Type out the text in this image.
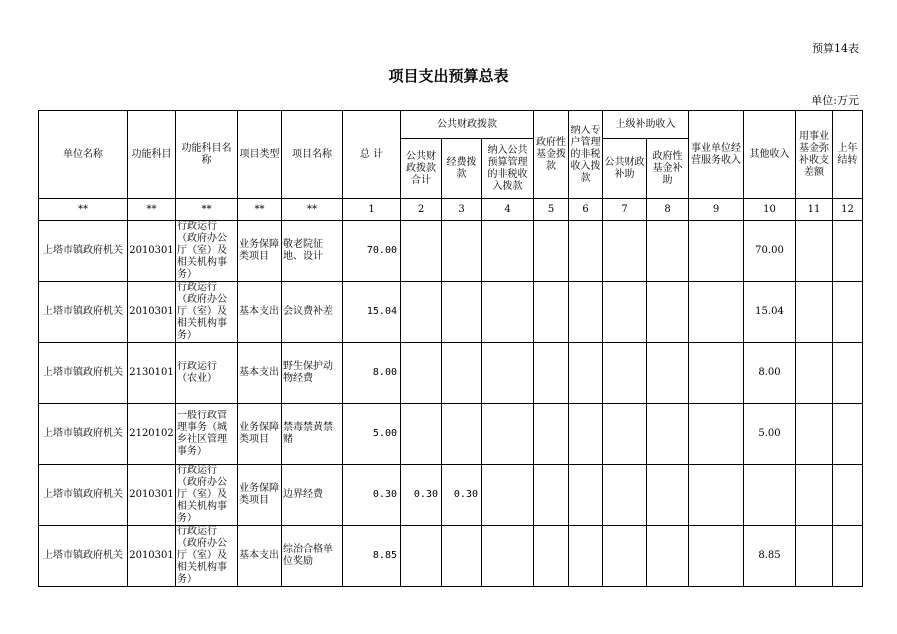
预算14表
项目支出预算总表
单位:万元
单位名称	功能科目	功能科目名称	项目类型	项目名称	总 计	公共财政拨款			政府性基金拨款	纳入专户管理的非税收入拨款	上级补助收入		事业单位经营服务收入	其他收入	用事业基金弥补收支差额	上年结转
						公共财政拨款合计	经费拨款	纳入公共预算管理的非税收入拨款			公共财政补助	政府性基金补助				
**	**	**	**	**	1	2	3	4	5	6	7	8	9	10	11	12
上塔市镇政府机关	2010301	行政运行（政府办公厅（室）及相关机构事务）	业务保障类项目	敬老院征地、设计	70.00									70.00		
上塔市镇政府机关	2010301	行政运行（政府办公厅（室）及相关机构事务）	基本支出	会议费补差	15.04									15.04		
上塔市镇政府机关	2130101	行政运行（农业）	基本支出	野生保护动物经费	8.00									8.00		
上塔市镇政府机关	2120102	一般行政管理事务（城乡社区管理事务）	业务保障类项目	禁毒禁黄禁赌	5.00									5.00		
上塔市镇政府机关	2010301	行政运行（政府办公厅（室）及相关机构事务）	业务保障类项目	边界经费	0.30	0.30	0.30									
上塔市镇政府机关	2010301	行政运行（政府办公厅（室）及相关机构事务）	基本支出	综治合格单位奖励	8.85									8.85		
